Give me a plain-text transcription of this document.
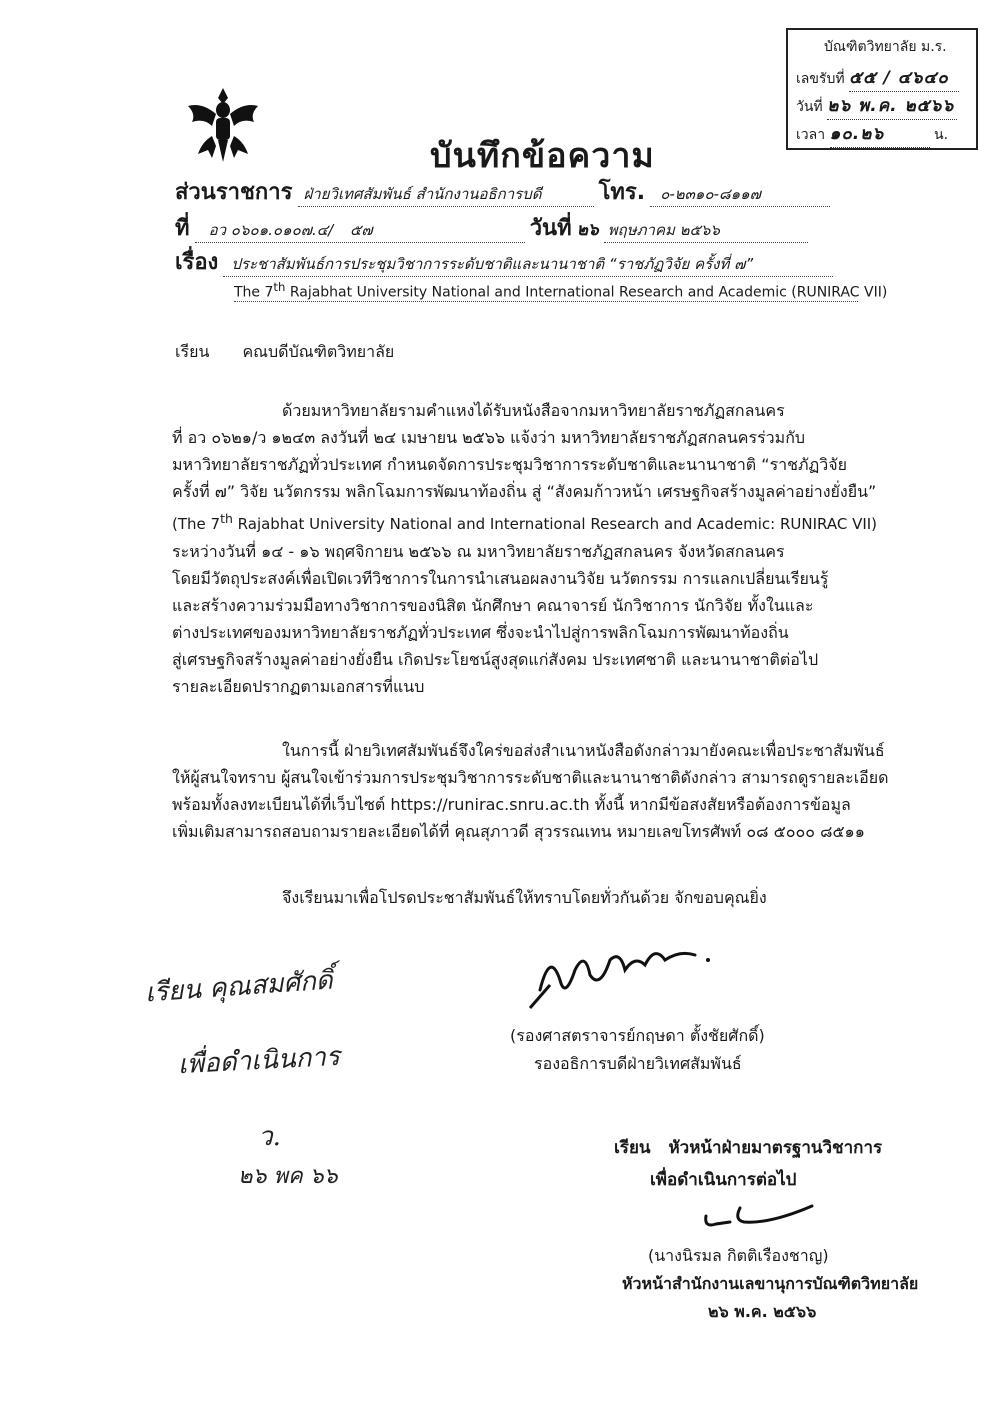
บันทึกข้อความ
บัณฑิตวิทยาลัย ม.ร.
เลขรับที่ ๕๕ / ๔๖๔๐
วันที่ ๒๖ พ.ค. ๒๕๖๖
เวลา ๑๐.๒๖	น.
ส่วนราชการ ฝ่ายวิเทศสัมพันธ์ สำนักงานอธิการบดี	โทร. ๐-๒๓๑๐-๘๑๑๗
ที่ อว ๐๖๐๑.๐๑๐๗.๔/ ๕๗	วันที่ ๒๖ พฤษภาคม ๒๕๖๖
เรื่อง ประชาสัมพันธ์การประชุมวิชาการระดับชาติและนานาชาติ “ราชภัฏวิจัย ครั้งที่ ๗”
The 7th Rajabhat University National and International Research and Academic (RUNIRAC VII)
เรียน คณบดีบัณฑิตวิทยาลัย
ด้วยมหาวิทยาลัยรามคำแหงได้รับหนังสือจากมหาวิทยาลัยราชภัฏสกลนคร
ที่ อว ๐๖๒๑/ว ๑๒๔๓ ลงวันที่ ๒๔ เมษายน ๒๕๖๖ แจ้งว่า มหาวิทยาลัยราชภัฏสกลนครร่วมกับ
มหาวิทยาลัยราชภัฏทั่วประเทศ กำหนดจัดการประชุมวิชาการระดับชาติและนานาชาติ “ราชภัฏวิจัย
ครั้งที่ ๗” วิจัย นวัตกรรม พลิกโฉมการพัฒนาท้องถิ่น สู่ “สังคมก้าวหน้า เศรษฐกิจสร้างมูลค่าอย่างยั่งยืน”
(The 7th Rajabhat University National and International Research and Academic: RUNIRAC VII)
ระหว่างวันที่ ๑๔ - ๑๖ พฤศจิกายน ๒๕๖๖ ณ มหาวิทยาลัยราชภัฏสกลนคร จังหวัดสกลนคร
โดยมีวัตถุประสงค์เพื่อเปิดเวทีวิชาการในการนำเสนอผลงานวิจัย นวัตกรรม การแลกเปลี่ยนเรียนรู้
และสร้างความร่วมมือทางวิชาการของนิสิต นักศึกษา คณาจารย์ นักวิชาการ นักวิจัย ทั้งในและ
ต่างประเทศของมหาวิทยาลัยราชภัฏทั่วประเทศ ซึ่งจะนำไปสู่การพลิกโฉมการพัฒนาท้องถิ่น
สู่เศรษฐกิจสร้างมูลค่าอย่างยั่งยืน เกิดประโยชน์สูงสุดแก่สังคม ประเทศชาติ และนานาชาติต่อไป
รายละเอียดปรากฏตามเอกสารที่แนบ
ในการนี้ ฝ่ายวิเทศสัมพันธ์จึงใคร่ขอส่งสำเนาหนังสือดังกล่าวมายังคณะเพื่อประชาสัมพันธ์
ให้ผู้สนใจทราบ ผู้สนใจเข้าร่วมการประชุมวิชาการระดับชาติและนานาชาติดังกล่าว สามารถดูรายละเอียด
พร้อมทั้งลงทะเบียนได้ที่เว็บไซต์ https://runirac.snru.ac.th ทั้งนี้ หากมีข้อสงสัยหรือต้องการข้อมูล
เพิ่มเติมสามารถสอบถามรายละเอียดได้ที่ คุณสุภาวดี สุวรรณเทน หมายเลขโทรศัพท์ ๐๘ ๕๐๐๐ ๘๕๑๑
จึงเรียนมาเพื่อโปรดประชาสัมพันธ์ให้ทราบโดยทั่วกันด้วย จักขอบคุณยิ่ง
(รองศาสตราจารย์กฤษดา ตั้งชัยศักดิ์)
รองอธิการบดีฝ่ายวิเทศสัมพันธ์
เรียน คุณสมศักดิ์
เพื่อดำเนินการ
ว.
๒๖ พค ๖๖
เรียน หัวหน้าฝ่ายมาตรฐานวิชาการ
เพื่อดำเนินการต่อไป
(นางนิรมล กิตติเรืองชาญ)
หัวหน้าสำนักงานเลขานุการบัณฑิตวิทยาลัย
๒๖ พ.ค. ๒๕๖๖
